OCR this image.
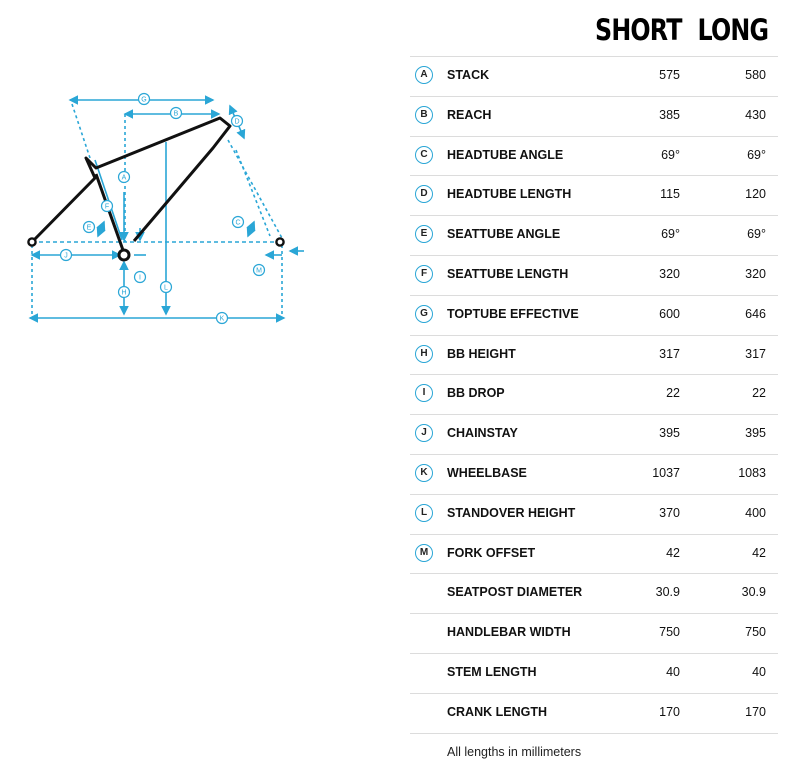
G
B
D
A
F
E
C
J
H
I
L
M
K
SHORT LONG
A	STACK	575	580
B	REACH	385	430
C	HEADTUBE ANGLE	69°	69°
D	HEADTUBE LENGTH	115	120
E	SEATTUBE ANGLE	69°	69°
F	SEATTUBE LENGTH	320	320
G	TOPTUBE EFFECTIVE	600	646
H	BB HEIGHT	317	317
I	BB DROP	22	22
J	CHAINSTAY	395	395
K	WHEELBASE	1037	1083
L	STANDOVER HEIGHT	370	400
M	FORK OFFSET	42	42
SEATPOST DIAMETER	30.9	30.9
HANDLEBAR WIDTH	750	750
STEM LENGTH	40	40
CRANK LENGTH	170	170
All lengths in millimeters
